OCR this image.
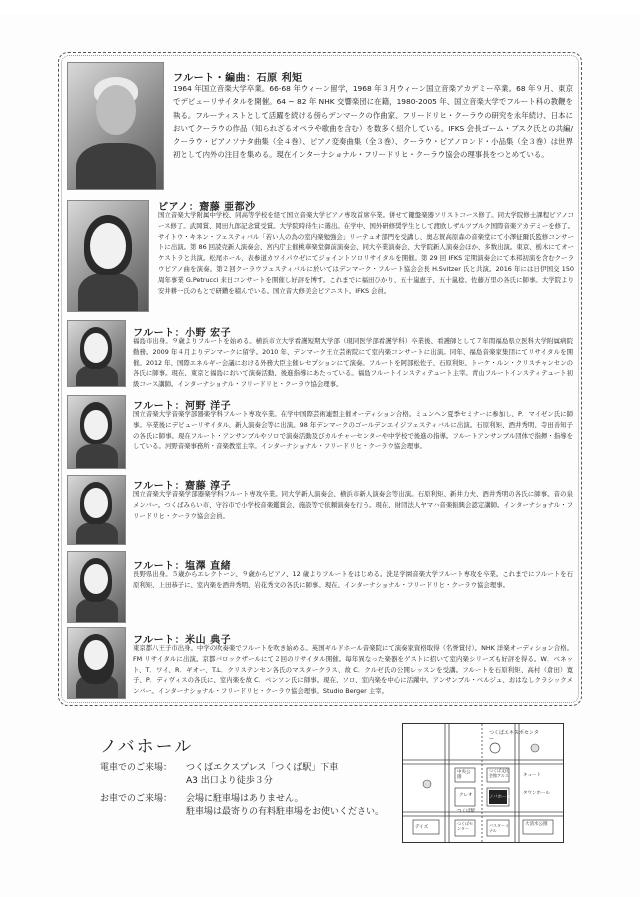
フルート・編曲：石原 利矩
1964 年国立音楽大学卒業。66-68 年ウィーン留学，1968 年３月ウィーン国立音楽アカデミー卒業。68 年９月、東京でデビューリサイタルを開催。64 ~ 82 年 NHK 交響楽団に在籍，1980-2005 年、国立音楽大学でフルート科の教鞭を執る。フルーティストとして活躍を続ける傍らデンマークの作曲家、フリードリヒ・クーラウの研究を永年続け、日本においてクーラウの作品（知られざるオペラや歌曲を含む）を数多く紹介している。IFKS 会長ゴーム・ブスク氏との共編/クーラウ・ピアノソナタ曲集（全４巻）、ピアノ変奏曲集（全３巻）、クーラウ・ピアノロンド・小品集（全３巻）は世界初として内外の注目を集める。現在インターナショナル・フリードリヒ・クーラウ協会の理事長をつとめている。
ピアノ：齋藤 亜都沙
国立音楽大学附属中学校、同高等学校を経て国立音楽大学ピアノ専攻首席卒業。併せて鍵盤楽器ソリストコース修了。同大学院修士課程ピアノコース修了。武岡賞、岡田九郎記念賞受賞。大学院時待生に選出。在学中、国外研修奨学生として渡欧しザルツブルク国際音楽アカデミーを修了。サイトウ・キネン・フェスティバル「若い人の為の室内楽勉強会」リーテュオ部門を受講し、奥志賀高原森の音楽堂にて小澤征爾氏監修コンサートに出演。第 86 回読売新人演奏会、宮内庁主催桃華楽堂御前演奏会、同大卒業演奏会、大学院新人演奏会ほか、多数出演。東京、栃木にてオーケストラと共演。松尾ホール、表参道カワイパウゼにてジョイントソロリサイタルを開催。第 29 回 IFKS 定期演奏会にて本邦初演を含むクーラウピアノ曲を演奏。第２回クーラウフェスティバルに於いてはデンマーク・フルート協会会長 H.Svitzer 氏と共演。2016 年には日伊国交 150 周年事業 G.Petrucci 来日コンサートを開催し好評を博す。これまでに福田ひかり、五十嵐恵子、五十嵐稔、佐藤万里の各氏に師事。大学院より安井耕一氏のもとで研鑽を積んでいる。国立音大修美会ピアニスト。IFKS 会員。
フルート：小野 宏子
福島市出身。９歳よりフルートを始める。横浜市立大学看護短期大学部（現同医学部看護学科）卒業後、看護師として７年間福島県立医科大学附属病院勤務。2009 年４月よりデンマークに留学。2010 年、デンマーク王立芸術院にて室内楽コンサートに出演。同年、福島音楽家集団にてリサイタルを開催。2012 年、国際エネルギー会議における外務大臣主催レセプションにて演奏。フルートを阿部松佐子、石原利矩、トーケ・ルン・クリスチャンセンの各氏に師事。現在、東京と福島において演奏活動、後進指導にあたっている。福島フルートインスティテュート主宰。青山フルートインスティテュート初級コース講師。インターナショナル・フリードリヒ・クーラウ協会理事。
フルート：河野 洋子
国立音楽大学音楽学部器楽学科フルート専攻卒業。在学中国際芸術連盟主催オーディション合格。ミュンヘン夏季セミナーに参加し、P．マイゼン氏に師事。卒業後にデビューリサイタル、新人演奏会等に出演。98 年デンマークのゴールデンエイジフェスティバルに出演。石原利矩、酒井秀明、寺田善知子の各氏に師事。現在フルート・アンサンブルやソロで演奏活動及びカルチャーセンターや中学校で後進の指導。フルートアンサンブル団体で指揮・指導をしている。河野音楽事務所・音楽教室主宰。インターナショナル・フリードリヒ・クーラウ協会理事。
フルート：齋藤 淳子
国立音楽大学音楽学部器楽学科フルート専攻卒業。同大学新人演奏会、横浜市新人演奏会等出演。石原利矩、新井力夫、酒井秀明の各氏に師事。音の泉メンバー。つくばみらい市、守谷市で小学校音楽鑑賞会、施設等で依頼演奏を行う。現在、財団法人ヤマハ音楽振興会認定講師。インターナショナル・フリードリヒ・クーラウ協会会員。
フルート：塩澤 直緒
長野県出身。５歳からエレクトーン、９歳からピアノ、12 歳よりフルートをはじめる。洗足学園音楽大学フルート専攻を卒業。これまでにフルートを石原利矩、上田恭子に、室内楽を酒井秀明、岩花秀文の各氏に師事。現在、インターナショナル・フリードリヒ・クーラウ協会理事。
フルート：米山 典子
東京都八王子市出身。中学の吹奏楽でフルートを吹き始める。英国ギルドホール音楽院にて演奏家資格取得（名誉賞付）。NHK 洋楽オーディション合格。FM リサイタルに出演。京都バロックザールにて２回のリサイタル開催。毎年異なった楽器をゲストに招いて室内楽シリーズも好評を得る。W．ベネット、T．ワイ、R．ギオー、T.L．クリステンセン各氏のマスタークラス、故 C．クルゼ氏の公開レッスンを受講。フルートを石原利矩、高村（倉田）寛子、P．ディヴィスの各氏に、室内楽を故 C．ベンソン氏に師事。現在、ソロ、室内楽を中心に活躍中。アンサンブル・ベルジュ、おはなしクラシックメンバー。インターナショナル・フリードリヒ・クーラウ協会理事。Studio Berger 主宰。
ノバホール
電車でのご来場： つくばエクスプレス「つくば駅」下車
A3 出口より徒歩３分
お車でのご来場： 会場に駐車場はありません。
駐車場は最寄りの有料駐車場をお使いください。
つくばエキスポセンター
ノバホール
中央公園
つくば文化会館アルス
クレオ
大清水公園
つくば駅
デイズ
つくばセンター	バスターミナル
キュート
タウンホール
